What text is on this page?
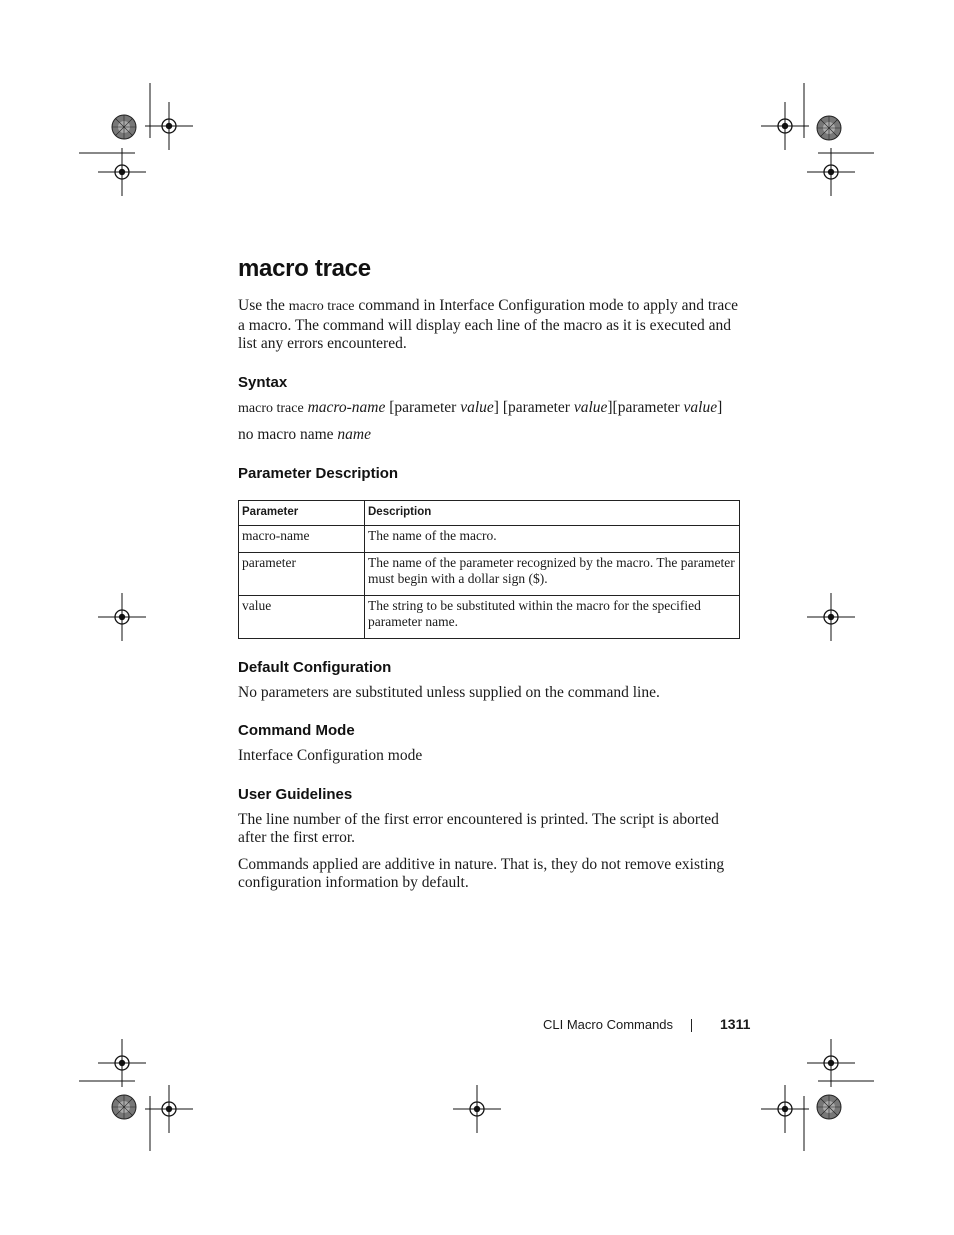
macro trace

Use the macro trace command in Interface Configuration mode to apply and trace a macro. The command will display each line of the macro as it is executed and list any errors encountered.

Syntax

macro trace macro-name [parameter value] [parameter value][parameter value]

no macro name name

Parameter Description
Parameter	Description
macro-name	The name of the macro.
parameter	The name of the parameter recognized by the macro. The parameter must begin with a dollar sign ($).
value	The string to be substituted within the macro for the specified parameter name.
Default Configuration

No parameters are substituted unless supplied on the command line.

Command Mode

Interface Configuration mode

User Guidelines

The line number of the first error encountered is printed. The script is aborted after the first error.

Commands applied are additive in nature. That is, they do not remove existing configuration information by default.

CLI Macro Commands	1311
